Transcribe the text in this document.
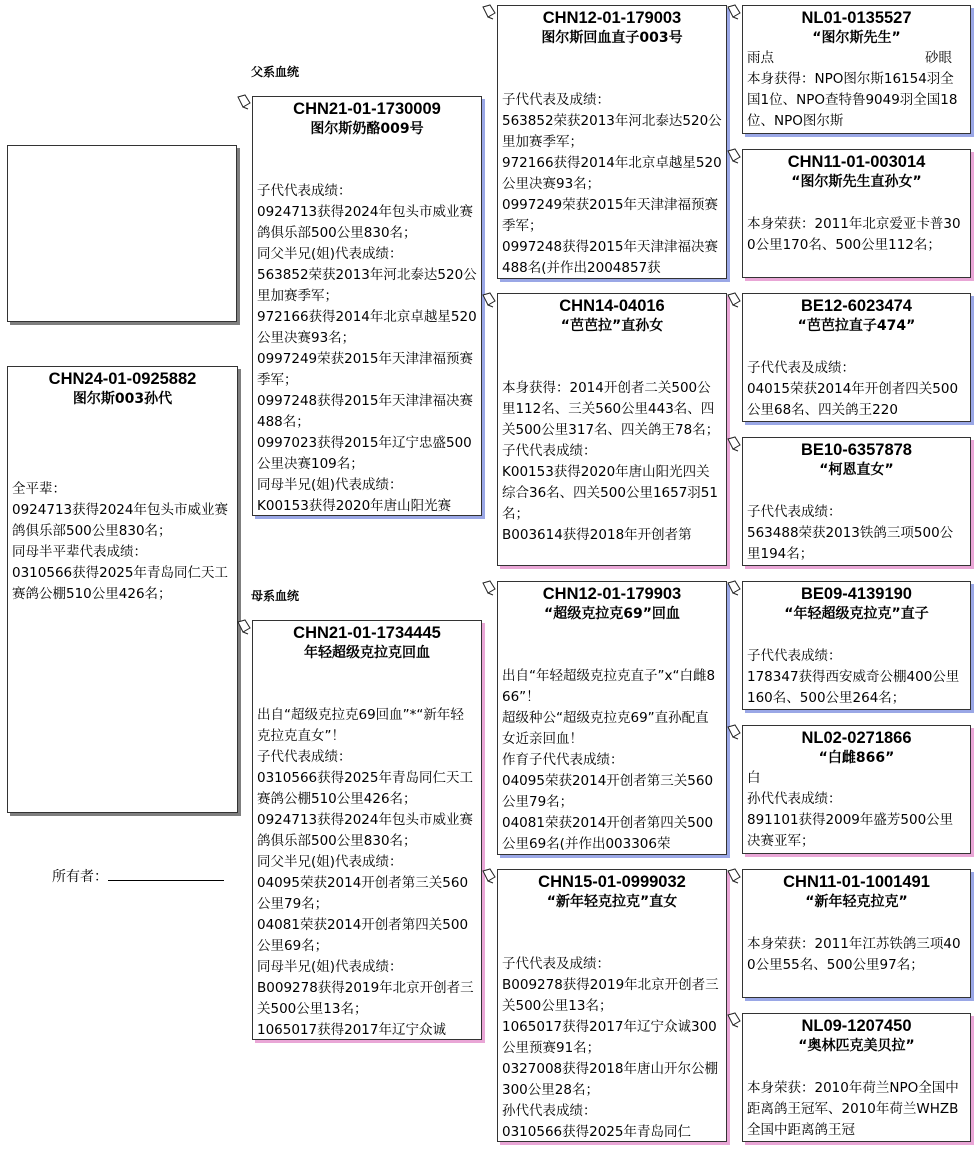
父系血统
母系血统
所有者：
CHN24-01-0925882
图尔斯003孙代
全平辈：
0924713获得2024年包头市威业赛鸽俱乐部500公里830名；
同母半平辈代表成绩：
0310566获得2025年青岛同仁天工赛鸽公棚510公里426名；
CHN21-01-1730009
图尔斯奶酪009号
子代代表成绩：
0924713获得2024年包头市威业赛鸽俱乐部500公里830名；
同父半兄(姐)代表成绩：
563852荣获2013年河北泰达520公里加赛季军；
972166获得2014年北京卓越星520公里决赛93名；
0997249荣获2015年天津津福预赛季军；
0997248获得2015年天津津福决赛488名；
0997023获得2015年辽宁忠盛500公里决赛109名；
同母半兄(姐)代表成绩：
K00153获得2020年唐山阳光赛
CHN21-01-1734445
年轻超级克拉克回血
出自“超级克拉克69回血”*“新年轻克拉克直女”！
子代代表成绩：
0310566获得2025年青岛同仁天工赛鸽公棚510公里426名；
0924713获得2024年包头市威业赛鸽俱乐部500公里830名；
同父半兄(姐)代表成绩：
04095荣获2014开创者第三关560公里79名；
04081荣获2014开创者第四关500公里69名；
同母半兄(姐)代表成绩：
B009278获得2019年北京开创者三关500公里13名；
1065017获得2017年辽宁众诚
CHN12-01-179003
图尔斯回血直子003号
子代代表及成绩：
563852荣获2013年河北泰达520公里加赛季军；
972166获得2014年北京卓越星520公里决赛93名；
0997249荣获2015年天津津福预赛季军；
0997248获得2015年天津津福决赛488名(并作出2004857获
CHN14-04016
“芭芭拉”直孙女
本身获得：2014开创者二关500公里112名、三关560公里443名、四关500公里317名、四关鸽王78名；
子代代表成绩：
K00153获得2020年唐山阳光四关综合36名、四关500公里1657羽51名；
B003614获得2018年开创者第
CHN12-01-179903
“超级克拉克69”回血
出自“年轻超级克拉克直子”x“白雌866”！
超级种公“超级克拉克69”直孙配直女近亲回血！
作育子代代表成绩：
04095荣获2014开创者第三关560公里79名；
04081荣获2014开创者第四关500公里69名(并作出003306荣
CHN15-01-0999032
“新年轻克拉克”直女
子代代表及成绩：
B009278获得2019年北京开创者三关500公里13名；
1065017获得2017年辽宁众诚300公里预赛91名；
0327008获得2018年唐山开尔公棚300公里28名；
孙代代表成绩：
0310566获得2025年青岛同仁
NL01-0135527
“图尔斯先生”
雨点	砂眼
本身获得：NPO图尔斯16154羽全国1位、NPO查特鲁9049羽全国18位、NPO图尔斯
CHN11-01-003014
“图尔斯先生直孙女”
本身荣获：2011年北京爱亚卡普300公里170名、500公里112名；
BE12-6023474
“芭芭拉直子474”
子代代表及成绩：
04015荣获2014年开创者四关500公里68名、四关鸽王220
BE10-6357878
“柯恩直女”
子代代表成绩：
563488荣获2013铁鸽三项500公里194名；
BE09-4139190
“年轻超级克拉克”直子
子代代表成绩：
178347获得西安威奇公棚400公里160名、500公里264名；
NL02-0271866
“白雌866”
白
孙代代表成绩：
891101获得2009年盛芳500公里决赛亚军；
CHN11-01-1001491
“新年轻克拉克”
本身荣获：2011年江苏铁鸽三项400公里55名、500公里97名；
NL09-1207450
“奥林匹克美贝拉”
本身荣获：2010年荷兰NPO全国中距离鸽王冠军、2010年荷兰WHZB全国中距离鸽王冠
